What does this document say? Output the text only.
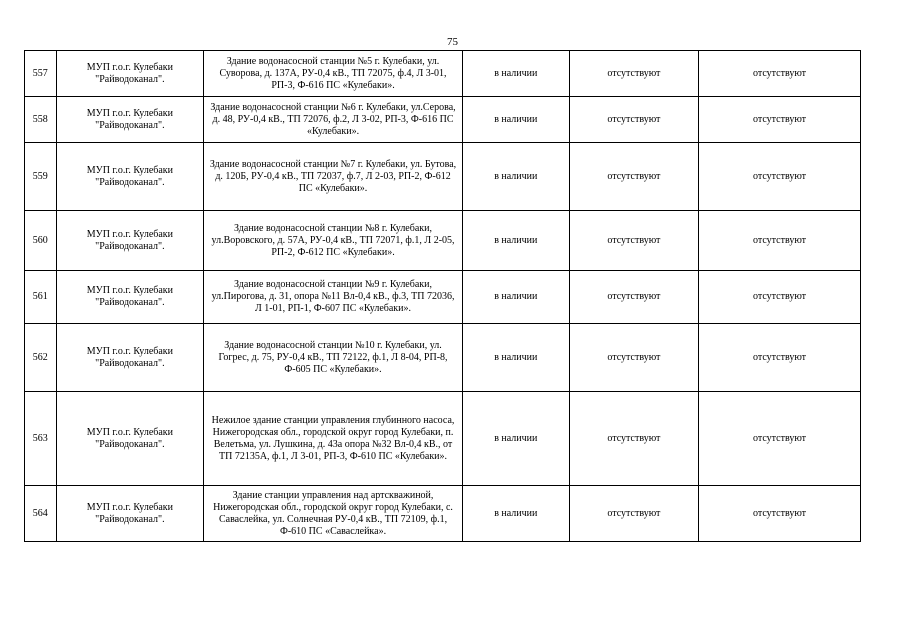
75
557	МУП г.о.г. Кулебаки "Райводоканал".	Здание водонасосной станции №5 г. Кулебаки, ул. Суворова, д. 137А, РУ-0,4 кВ., ТП 72075, ф.4, Л 3-01, РП-3, Ф-616 ПС «Кулебаки».	в наличии	отсутствуют	отсутствуют
558	МУП г.о.г. Кулебаки "Райводоканал".	Здание водонасосной станции №6 г. Кулебаки, ул.Серова, д. 48, РУ-0,4 кВ., ТП 72076, ф.2, Л 3-02, РП-3, Ф-616 ПС «Кулебаки».	в наличии	отсутствуют	отсутствуют
559	МУП г.о.г. Кулебаки "Райводоканал".	Здание водонасосной станции №7 г. Кулебаки, ул. Бутова, д. 120Б, РУ-0,4 кВ., ТП 72037, ф.7, Л 2-03, РП-2, Ф-612 ПС «Кулебаки».	в наличии	отсутствуют	отсутствуют
560	МУП г.о.г. Кулебаки "Райводоканал".	Здание водонасосной станции №8 г. Кулебаки, ул.Воровского, д. 57А, РУ-0,4 кВ., ТП 72071, ф.1, Л 2-05, РП-2, Ф-612 ПС «Кулебаки».	в наличии	отсутствуют	отсутствуют
561	МУП г.о.г. Кулебаки "Райводоканал".	Здание водонасосной станции №9 г. Кулебаки, ул.Пирогова, д. 31, опора №11 Вл-0,4 кВ., ф.3, ТП 72036, Л 1-01, РП-1, Ф-607 ПС «Кулебаки».	в наличии	отсутствуют	отсутствуют
562	МУП г.о.г. Кулебаки "Райводоканал".	Здание водонасосной станции №10 г. Кулебаки, ул. Гогрес, д. 75, РУ-0,4 кВ., ТП 72122, ф.1, Л 8-04, РП-8, Ф-605 ПС «Кулебаки».	в наличии	отсутствуют	отсутствуют
563	МУП г.о.г. Кулебаки "Райводоканал".	Нежилое здание станции управления глубинного насоса, Нижегородская обл., городской округ город Кулебаки, п. Велетьма, ул. Лушкина, д. 43а опора №32 Вл-0,4 кВ., от ТП 72135А, ф.1, Л 3-01, РП-3, Ф-610 ПС «Кулебаки».	в наличии	отсутствуют	отсутствуют
564	МУП г.о.г. Кулебаки "Райводоканал".	Здание станции управления над артскважиной, Нижегородская обл., городской округ город Кулебаки, с. Саваслейка, ул. Солнечная РУ-0,4 кВ., ТП 72109, ф.1, Ф-610 ПС «Саваслейка».	в наличии	отсутствуют	отсутствуют
